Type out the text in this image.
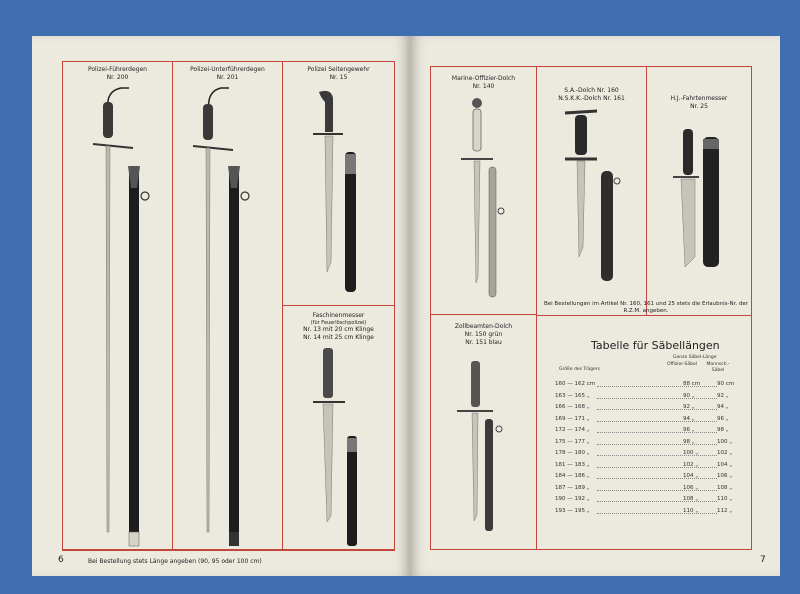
Polizei-Führerdegen
Nr. 200
Polizei-Unterführerdegen
Nr. 201
Polizei Seitengewehr
Nr. 15
Faschinenmesser
(für Feuerlöschpolizei)
Nr. 13 mit 20 cm Klinge
Nr. 14 mit 25 cm Klinge
6	Bei Bestellung stets Länge angeben (90, 95 oder 100 cm)
Marine-Offizier-Dolch
Nr. 140
S.A.-Dolch Nr. 160
N.S.K.K.-Dolch Nr. 161	H.J.-Fahrtenmesser
Nr. 25
Bei Bestellungen im Artikel Nr. 160, 161 und 25 stets die Erlaubnis-Nr. der R.Z.M. angeben.
Zollbeamten-Dolch
Nr. 150 grün
Nr. 151 blau	Tabelle für Säbellängen
Größe des Trägers
Ganze Säbel-Länge
Offizier-Säbel	Mannsch.-Säbel
160 — 162 cm	88 cm	90 cm
163 — 165 „	90 „	92 „
166 — 168 „	92 „	94 „
169 — 171 „	94 „	96 „
172 — 174 „	96 „	98 „
175 — 177 „	98 „	100 „
178 — 180 „	100 „	102 „
181 — 183 „	102 „	104 „
184 — 186 „	104 „	106 „
187 — 189 „	106 „	108 „
190 — 192 „	108 „	110 „
193 — 195 „	110 „	112 „
7
